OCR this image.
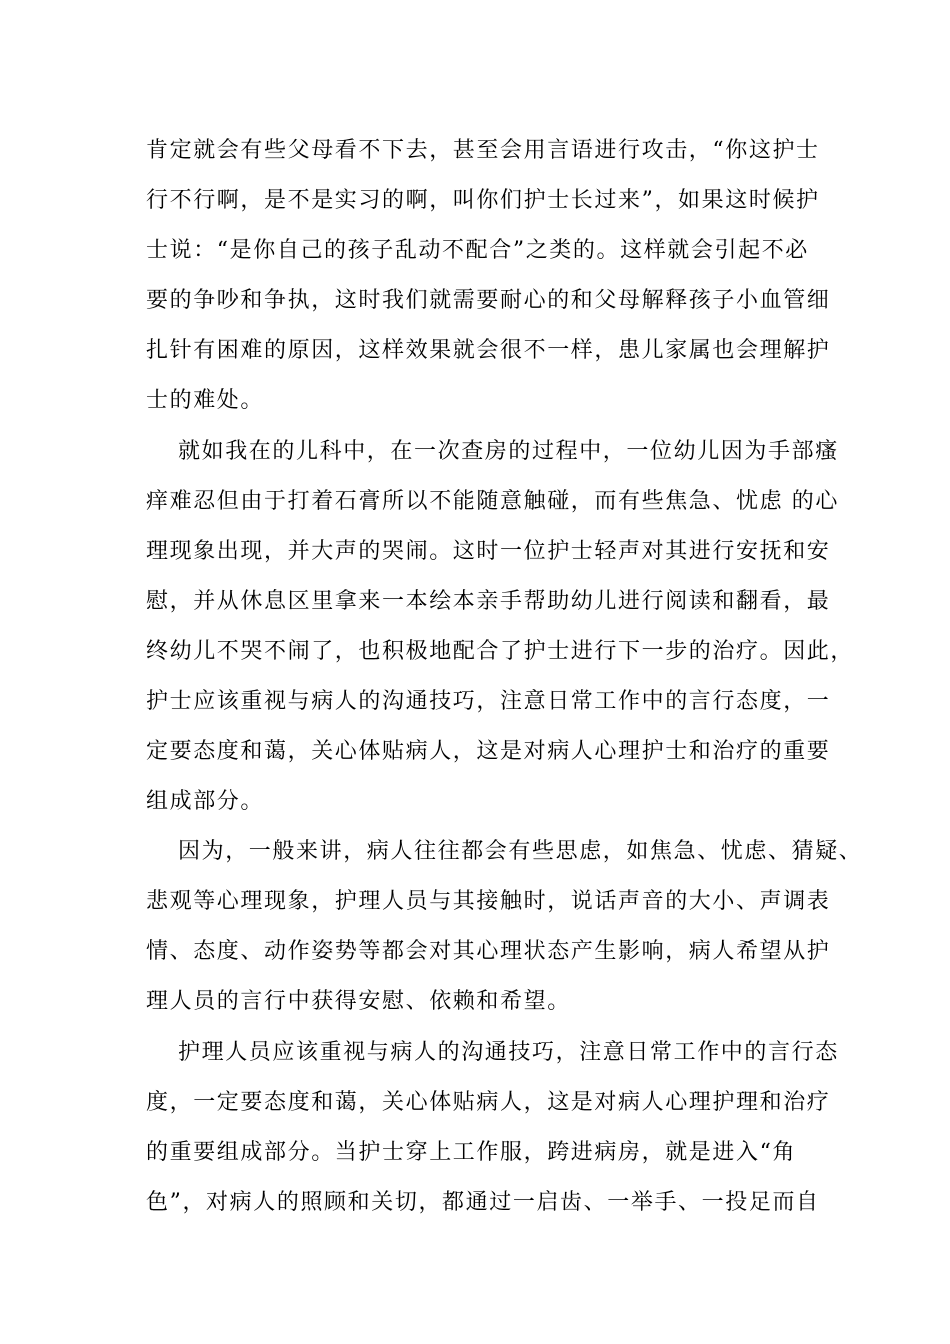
肯定就会有些父母看不下去，甚至会用言语进行攻击，“你这护士
行不行啊，是不是实习的啊，叫你们护士长过来”，如果这时候护
士说：“是你自己的孩子乱动不配合”之类的。这样就会引起不必
要的争吵和争执，这时我们就需要耐心的和父母解释孩子小血管细
扎针有困难的原因，这样效果就会很不一样，患儿家属也会理解护
士的难处。
就如我在的儿科中，在一次查房的过程中，一位幼儿因为手部瘙
痒难忍但由于打着石膏所以不能随意触碰，而有些焦急、忧虑 的心
理现象出现，并大声的哭闹。这时一位护士轻声对其进行安抚和安
慰，并从休息区里拿来一本绘本亲手帮助幼儿进行阅读和翻看，最
终幼儿不哭不闹了，也积极地配合了护士进行下一步的治疗。因此，
护士应该重视与病人的沟通技巧，注意日常工作中的言行态度，一
定要态度和蔼，关心体贴病人，这是对病人心理护士和治疗的重要
组成部分。
因为，一般来讲，病人往往都会有些思虑，如焦急、忧虑、猜疑、
悲观等心理现象，护理人员与其接触时，说话声音的大小、声调表
情、态度、动作姿势等都会对其心理状态产生影响，病人希望从护
理人员的言行中获得安慰、依赖和希望。
护理人员应该重视与病人的沟通技巧，注意日常工作中的言行态
度，一定要态度和蔼，关心体贴病人，这是对病人心理护理和治疗
的重要组成部分。当护士穿上工作服，跨进病房，就是进入“角
色”，对病人的照顾和关切，都通过一启齿、一举手、一投足而自
